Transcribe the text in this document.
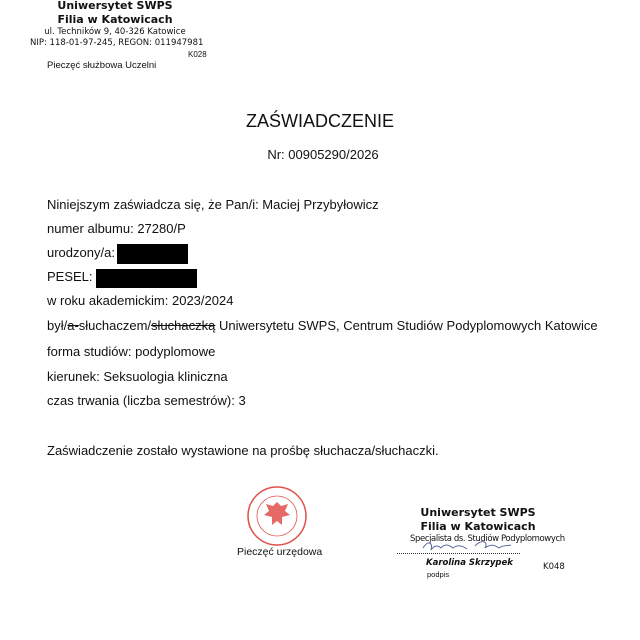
Uniwersytet SWPS
Filia w Katowicach
ul. Techników 9, 40-326 Katowice
NIP: 118-01-97-245, REGON: 011947981
K028
Pieczęć służbowa Uczelni
ZAŚWIADCZENIE
Nr: 00905290/2026
Niniejszym zaświadcza się, że Pan/i: Maciej Przybyłowicz
numer albumu: 27280/P
urodzony/a:
PESEL:
w roku akademickim: 2023/2024
był/a-słuchaczem/słuchaczką Uniwersytetu SWPS, Centrum Studiów Podyplomowych Katowice
forma studiów: podyplomowe
kierunek: Seksuologia kliniczna
czas trwania (liczba semestrów): 3
Zaświadczenie zostało wystawione na prośbę słuchacza/słuchaczki.
Pieczęć urzędowa
Uniwersytet SWPS
Filia w Katowicach
Specjalista ds. Studiów Podyplomowych
Karolina Skrzypek
podpis
K048
